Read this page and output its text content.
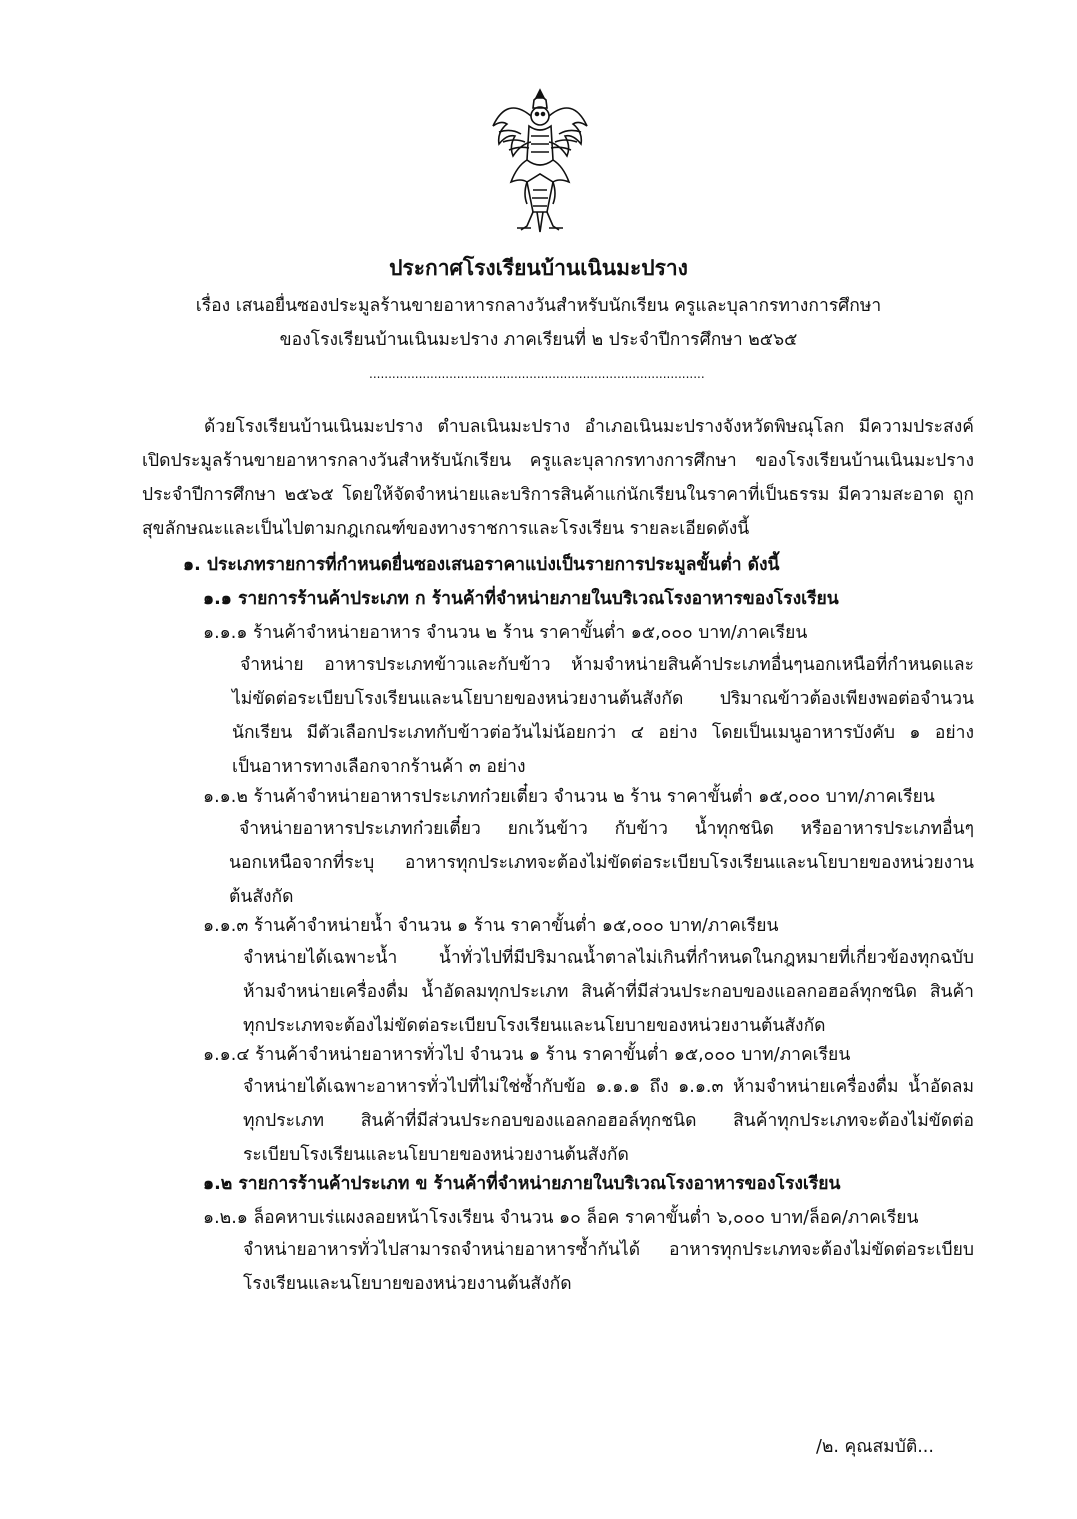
ประกาศโรงเรียนบ้านเนินมะปราง
เรื่อง เสนอยื่นซองประมูลร้านขายอาหารกลางวันสำหรับนักเรียน ครูและบุลากรทางการศึกษา
ของโรงเรียนบ้านเนินมะปราง ภาคเรียนที่ ๒ ประจำปีการศึกษา ๒๕๖๕
........................................................................................
ด้วยโรงเรียนบ้านเนินมะปราง ตำบลเนินมะปราง อำเภอเนินมะปรางจังหวัดพิษณุโลก มีความประสงค์
เปิดประมูลร้านขายอาหารกลางวันสำหรับนักเรียน ครูและบุลากรทางการศึกษา ของโรงเรียนบ้านเนินมะปราง
ประจำปีการศึกษา ๒๕๖๕ โดยให้จัดจำหน่ายและบริการสินค้าแก่นักเรียนในราคาที่เป็นธรรม มีความสะอาด ถูก
สุขลักษณะและเป็นไปตามกฎเกณฑ์ของทางราชการและโรงเรียน รายละเอียดดังนี้
๑. ประเภทรายการที่กำหนดยื่นซองเสนอราคาแบ่งเป็นรายการประมูลขั้นต่ำ ดังนี้
๑.๑ รายการร้านค้าประเภท ก ร้านค้าที่จำหน่ายภายในบริเวณโรงอาหารของโรงเรียน
๑.๑.๑ ร้านค้าจำหน่ายอาหาร จำนวน ๒ ร้าน ราคาขั้นต่ำ ๑๕,๐๐๐ บาท/ภาคเรียน
จำหน่าย อาหารประเภทข้าวและกับข้าว ห้ามจำหน่ายสินค้าประเภทอื่นๆนอกเหนือที่กำหนดและ
ไม่ขัดต่อระเบียบโรงเรียนและนโยบายของหน่วยงานต้นสังกัด ปริมาณข้าวต้องเพียงพอต่อจำนวน
นักเรียน มีตัวเลือกประเภทกับข้าวต่อวันไม่น้อยกว่า ๔ อย่าง โดยเป็นเมนูอาหารบังคับ ๑ อย่าง
เป็นอาหารทางเลือกจากร้านค้า ๓ อย่าง
๑.๑.๒ ร้านค้าจำหน่ายอาหารประเภทก๋วยเตี๋ยว จำนวน ๒ ร้าน ราคาขั้นต่ำ ๑๕,๐๐๐ บาท/ภาคเรียน
จำหน่ายอาหารประเภทก๋วยเตี๋ยว ยกเว้นข้าว กับข้าว น้ำทุกชนิด หรืออาหารประเภทอื่นๆ
นอกเหนือจากที่ระบุ อาหารทุกประเภทจะต้องไม่ขัดต่อระเบียบโรงเรียนและนโยบายของหน่วยงาน
ต้นสังกัด
๑.๑.๓ ร้านค้าจำหน่ายน้ำ จำนวน ๑ ร้าน ราคาขั้นต่ำ ๑๕,๐๐๐ บาท/ภาคเรียน
จำหน่ายได้เฉพาะน้ำ น้ำทั่วไปที่มีปริมาณน้ำตาลไม่เกินที่กำหนดในกฎหมายที่เกี่ยวข้องทุกฉบับ
ห้ามจำหน่ายเครื่องดื่ม น้ำอัดลมทุกประเภท สินค้าที่มีส่วนประกอบของแอลกอฮอล์ทุกชนิด สินค้า
ทุกประเภทจะต้องไม่ขัดต่อระเบียบโรงเรียนและนโยบายของหน่วยงานต้นสังกัด
๑.๑.๔ ร้านค้าจำหน่ายอาหารทั่วไป จำนวน ๑ ร้าน ราคาขั้นต่ำ ๑๕,๐๐๐ บาท/ภาคเรียน
จำหน่ายได้เฉพาะอาหารทั่วไปที่ไม่ใช่ซ้ำกับข้อ ๑.๑.๑ ถึง ๑.๑.๓ ห้ามจำหน่ายเครื่องดื่ม น้ำอัดลม
ทุกประเภท สินค้าที่มีส่วนประกอบของแอลกอฮอล์ทุกชนิด สินค้าทุกประเภทจะต้องไม่ขัดต่อ
ระเบียบโรงเรียนและนโยบายของหน่วยงานต้นสังกัด
๑.๒ รายการร้านค้าประเภท ข ร้านค้าที่จำหน่ายภายในบริเวณโรงอาหารของโรงเรียน
๑.๒.๑ ล็อคหาบเร่แผงลอยหน้าโรงเรียน จำนวน ๑๐ ล็อค ราคาขั้นต่ำ ๖,๐๐๐ บาท/ล็อค/ภาคเรียน
จำหน่ายอาหารทั่วไปสามารถจำหน่ายอาหารซ้ำกันได้ อาหารทุกประเภทจะต้องไม่ขัดต่อระเบียบ
โรงเรียนและนโยบายของหน่วยงานต้นสังกัด
/๒. คุณสมบัติ...
